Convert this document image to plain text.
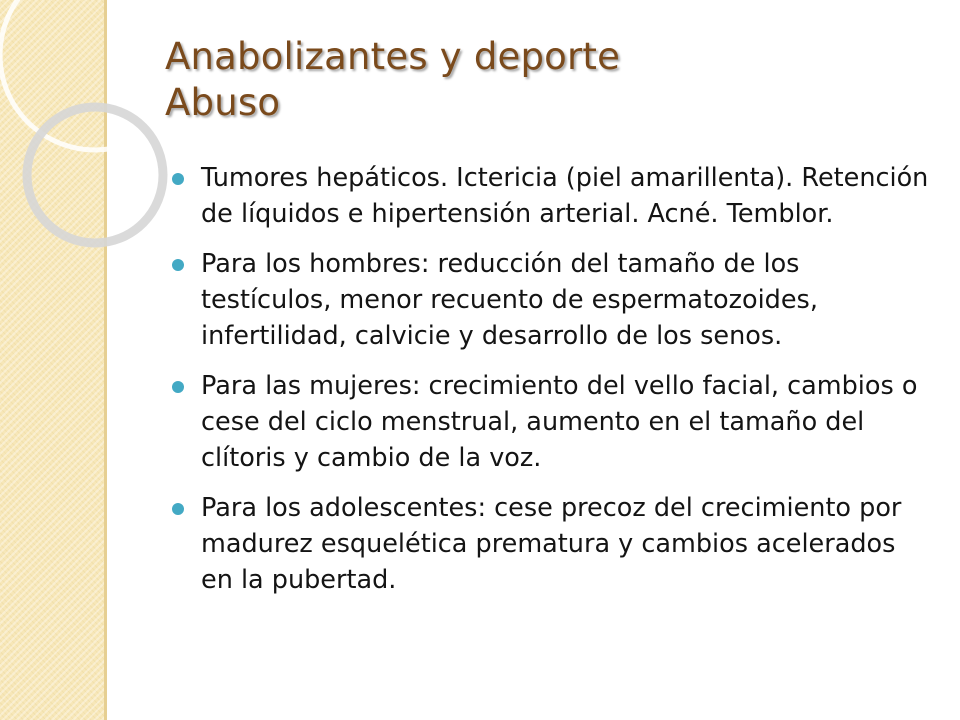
Anabolizantes y deporte
Abuso
Tumores hepáticos. Ictericia (piel amarillenta). Retención de líquidos e hipertensión arterial. Acné. Temblor.
Para los hombres: reducción del tamaño de los testículos, menor recuento de espermatozoides, infertilidad, calvicie y desarrollo de los senos.
Para las mujeres: crecimiento del vello facial, cambios o cese del ciclo menstrual, aumento en el tamaño del clítoris y cambio de la voz.
Para los adolescentes: cese precoz del crecimiento por madurez esquelética prematura y cambios acelerados en la pubertad.
